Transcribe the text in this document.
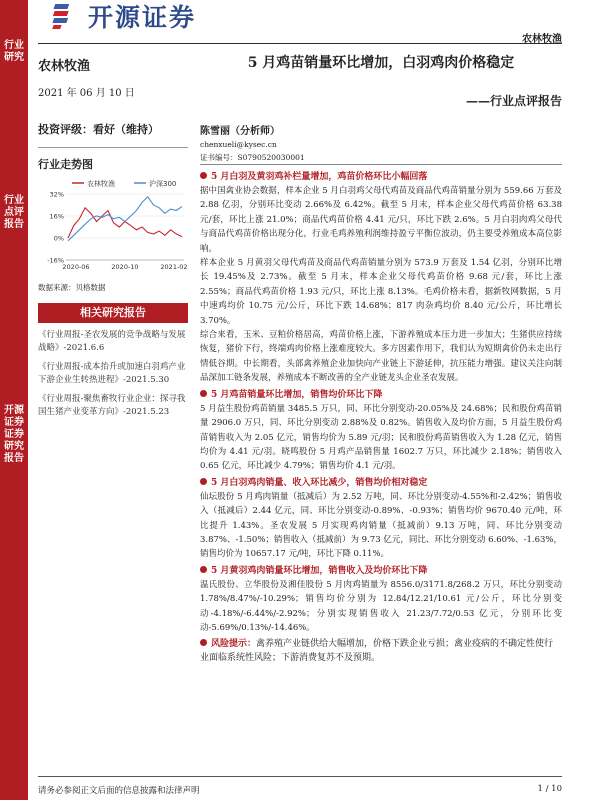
行业研究
行业点评报告
开源证券 证券研究报告
开源证券
农林牧渔
农林牧渔
2021 年 06 月 10 日
投资评级：看好（维持）
行业走势图
农林牧渔	沪深300
-16%
0%
16%
32%
2020-06	2020-10	2021-02
数据来源：贝格数据
相关研究报告
《行业周报-圣农发展的竞争战略与发展战略》-2021.6.6
《行业周报-成本抬升或加速白羽鸡产业下游企业生转热进程》-2021.5.30
《行业周报-聚焦畜牧行业企业：探寻我国生猪产业变革方向》-2021.5.23
5 月鸡苗销量环比增加，白羽鸡肉价格稳定
——行业点评报告
陈雪丽（分析师）
chenxueli@kysec.cn
证书编号：S0790520030001
5 月白羽及黄羽鸡补栏量增加，鸡苗价格环比小幅回落

据中国禽业协会数据，样本企业 5 月白羽鸡父母代鸡苗及商品代鸡苗销量分别为 559.66 万套及 2.88 亿羽，分别环比变动 2.66%及 6.42%。截至 5 月末，样本企业父母代鸡苗价格 63.38 元/套，环比上涨 21.0%；商品代鸡苗价格 4.41 元/只，环比下跌 2.6%。5 月白羽肉鸡父母代与商品代鸡苗价格出现分化，行业毛鸡养殖利润维持盈亏平衡位波动，仍主要受养殖成本高位影响。

样本企业 5 月黄羽父母代鸡苗及商品代鸡苗销量分别为 573.9 万套及 1.54 亿羽，分别环比增长 19.45%及 2.73%。截至 5 月末，样本企业父母代鸡苗价格 9.68 元/套，环比上涨 2.55%；商品代鸡苗价格 1.93 元/只，环比上涨 8.13%。毛鸡价格未看，据新牧网数据，5 月中速鸡均价 10.75 元/公斤，环比下跌 14.68%；817 肉杂鸡均价 8.40 元/公斤，环比增长 3.70%。

综合来看，玉米、豆粕价格居高，鸡苗价格上涨，下游养殖成本压力进一步加大；生猪供应持续恢复，猪价下行，终端鸡肉价格上涨难度较大。多方因素作用下，我们认为短期禽价仍未走出行情低谷期。中长期看，头部禽养殖企业加快向产业链上下游延伸，抗压能力增强。建议关注向制品深加工链条发展，养殖成本不断改善的全产业链龙头企业圣农发展。

5 月鸡苗销量环比增加，销售均价环比下降

5 月益生股份鸡苗销量 3485.5 万只，同、环比分别变动-20.05%及 24.68%；民和股份鸡苗销量 2906.0 万只，同、环比分别变动 2.88%及 0.82%。销售收入及均价方面，5 月益生股份鸡苗销售收入为 2.05 亿元，销售均价为 5.89 元/羽；民和股份鸡苗销售收入为 1.28 亿元，销售均价为 4.41 元/羽。晓鸣股份 5 月鸡产品销售量 1602.7 万只，环比减少 2.18%；销售收入 0.65 亿元，环比减少 4.79%；销售均价 4.1 元/羽。

5 月白羽鸡肉销量、收入环比减少，销售均价相对稳定

仙坛股份 5 月鸡肉销量（抵减后）为 2.52 万吨，同、环比分别变动-4.55%和-2.42%；销售收入（抵减后）2.44 亿元，同、环比分别变动-0.89%、-0.93%；销售均价 9670.40 元/吨，环比提升 1.43%。圣农发展 5 月实现鸡肉销量（抵减前）9.13 万吨，同、环比分别变动 3.87%、-1.50%；销售收入（抵减前）为 9.73 亿元，同比、环比分别变动 6.60%、-1.63%，销售均价为 10657.17 元/吨，环比下降 0.11%。

5 月黄羽鸡肉销量环比增加，销售收入及均价环比下降

温氏股份、立华股份及湘佳股份 5 月肉鸡销量为 8556.0/3171.8/268.2 万只，环比分别变动 1.78%/8.47%/-10.29%；销售均价分别为 12.84/12.21/10.61 元/公斤，环比分别变动-4.18%/-6.44%/-2.92%；分别实现销售收入 21.23/7.72/0.53 亿元，分别环比变动-5.69%/0.13%/-14.46%。

风险提示：禽养殖产业链供给大幅增加，价格下跌企业亏损；禽业疫病的不确定性使行业面临系统性风险；下游消费复苏不及预期。
请务必参阅正文后面的信息披露和法律声明	1 / 10
